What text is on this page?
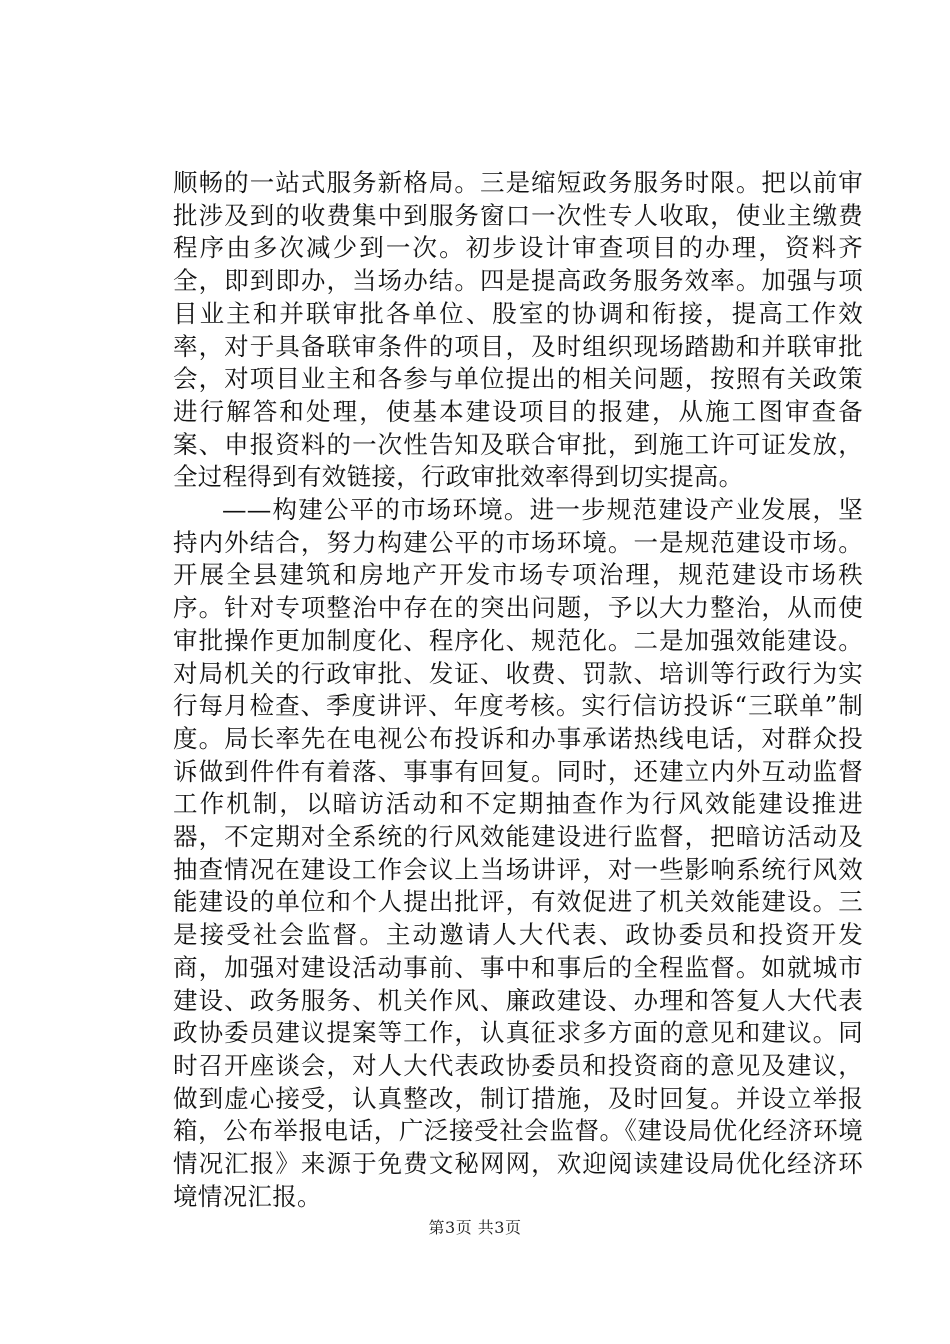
顺畅的一站式服务新格局。三是缩短政务服务时限。把以前审批涉及到的收费集中到服务窗口一次性专人收取，使业主缴费程序由多次减少到一次。初步设计审查项目的办理，资料齐全，即到即办，当场办结。四是提高政务服务效率。加强与项目业主和并联审批各单位、股室的协调和衔接，提高工作效率，对于具备联审条件的项目，及时组织现场踏勘和并联审批会，对项目业主和各参与单位提出的相关问题，按照有关政策进行解答和处理，使基本建设项目的报建，从施工图审查备案、申报资料的一次性告知及联合审批，到施工许可证发放，全过程得到有效链接，行政审批效率得到切实提高。

——构建公平的市场环境。进一步规范建设产业发展，坚持内外结合，努力构建公平的市场环境。一是规范建设市场。开展全县建筑和房地产开发市场专项治理，规范建设市场秩序。针对专项整治中存在的突出问题，予以大力整治，从而使审批操作更加制度化、程序化、规范化。二是加强效能建设。对局机关的行政审批、发证、收费、罚款、培训等行政行为实行每月检查、季度讲评、年度考核。实行信访投诉“三联单”制度。局长率先在电视公布投诉和办事承诺热线电话，对群众投诉做到件件有着落、事事有回复。同时，还建立内外互动监督工作机制，以暗访活动和不定期抽查作为行风效能建设推进器，不定期对全系统的行风效能建设进行监督，把暗访活动及抽查情况在建设工作会议上当场讲评，对一些影响系统行风效能建设的单位和个人提出批评，有效促进了机关效能建设。三是接受社会监督。主动邀请人大代表、政协委员和投资开发商，加强对建设活动事前、事中和事后的全程监督。如就城市建设、政务服务、机关作风、廉政建设、办理和答复人大代表政协委员建议提案等工作，认真征求多方面的意见和建议。同时召开座谈会，对人大代表政协委员和投资商的意见及建议，做到虚心接受，认真整改，制订措施，及时回复。并设立举报箱，公布举报电话，广泛接受社会监督。《建设局优化经济环境情况汇报》来源于免费文秘网网，欢迎阅读建设局优化经济环境情况汇报。

第3页 共3页
